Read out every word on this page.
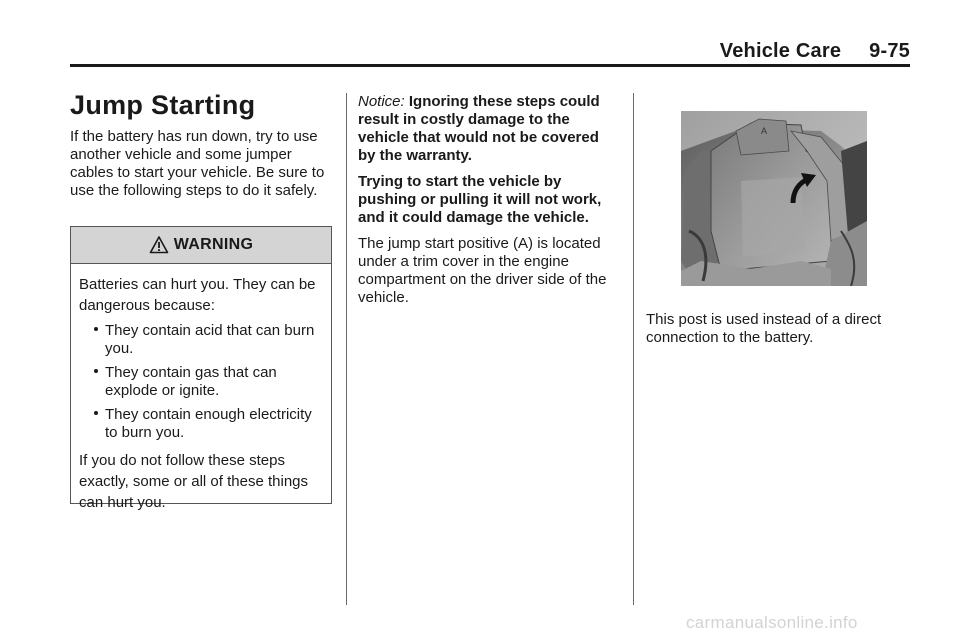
Vehicle Care 9-75
Jump Starting

If the battery has run down, try to use another vehicle and some jumper cables to start your vehicle. Be sure to use the following steps to do it safely.

WARNING

Batteries can hurt you. They can be dangerous because:

They contain acid that can burn you.
They contain gas that can explode or ignite.
They contain enough electricity to burn you.

If you do not follow these steps exactly, some or all of these things can hurt you.

Notice: Ignoring these steps could result in costly damage to the vehicle that would not be covered by the warranty.

Trying to start the vehicle by pushing or pulling it will not work, and it could damage the vehicle.

The jump start positive (A) is located under a trim cover in the engine compartment on the driver side of the vehicle.

A

This post is used instead of a direct connection to the battery.

carmanualsonline.info
